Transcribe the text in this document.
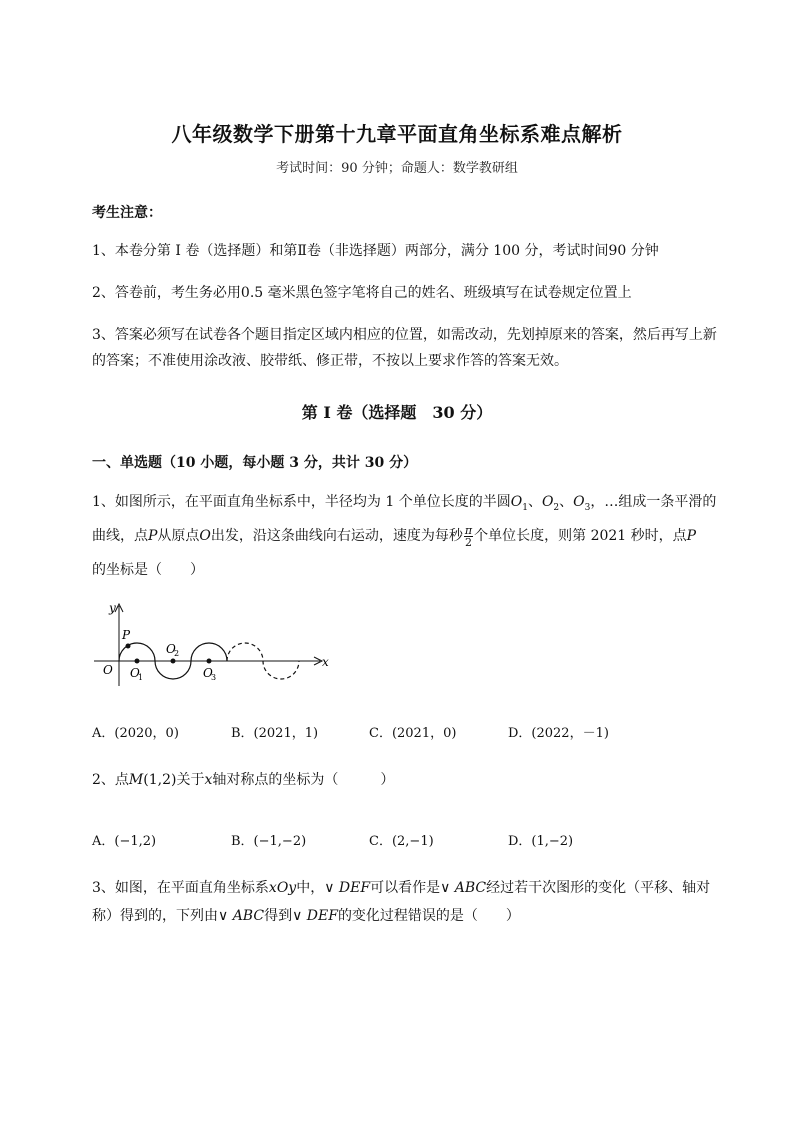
八年级数学下册第十九章平面直角坐标系难点解析
考试时间：90 分钟；命题人：数学教研组
考生注意：
1、本卷分第 I 卷（选择题）和第Ⅱ卷（非选择题）两部分，满分 100 分，考试时间90 分钟
2、答卷前，考生务必用0.5 毫米黑色签字笔将自己的姓名、班级填写在试卷规定位置上
3、答案必须写在试卷各个题目指定区域内相应的位置，如需改动，先划掉原来的答案，然后再写上新
的答案；不准使用涂改液、胶带纸、修正带，不按以上要求作答的答案无效。
第 I 卷（选择题　30 分）
一、单选题（10 小题，每小题 3 分，共计 30 分）
1、如图所示，在平面直角坐标系中，半径均为 1 个单位长度的半圆$O_1$、$O_2$、$O_3$，…组成一条平滑的
曲线，点P从原点O出发，沿这条曲线向右运动，速度为每秒 $\frac{\pi}{2}$ 个单位长度，则第 2021 秒时，点P
的坐标是（　　）
y
x
O
P
O
1
O
2
O
3
A．(2020，0)	B．(2021，1)	C．(2021，0)	D．(2022，－1)
2、点M(1,2)关于x轴对称点的坐标为（　　　）
A．(−1,2)	B．(−1,−2)	C．(2,−1)	D．(1,−2)
3、如图，在平面直角坐标系xOy中，∨ DEF可以看作是∨ ABC经过若干次图形的变化（平移、轴对
称）得到的，下列由∨ ABC得到∨ DEF的变化过程错误的是（　　）
